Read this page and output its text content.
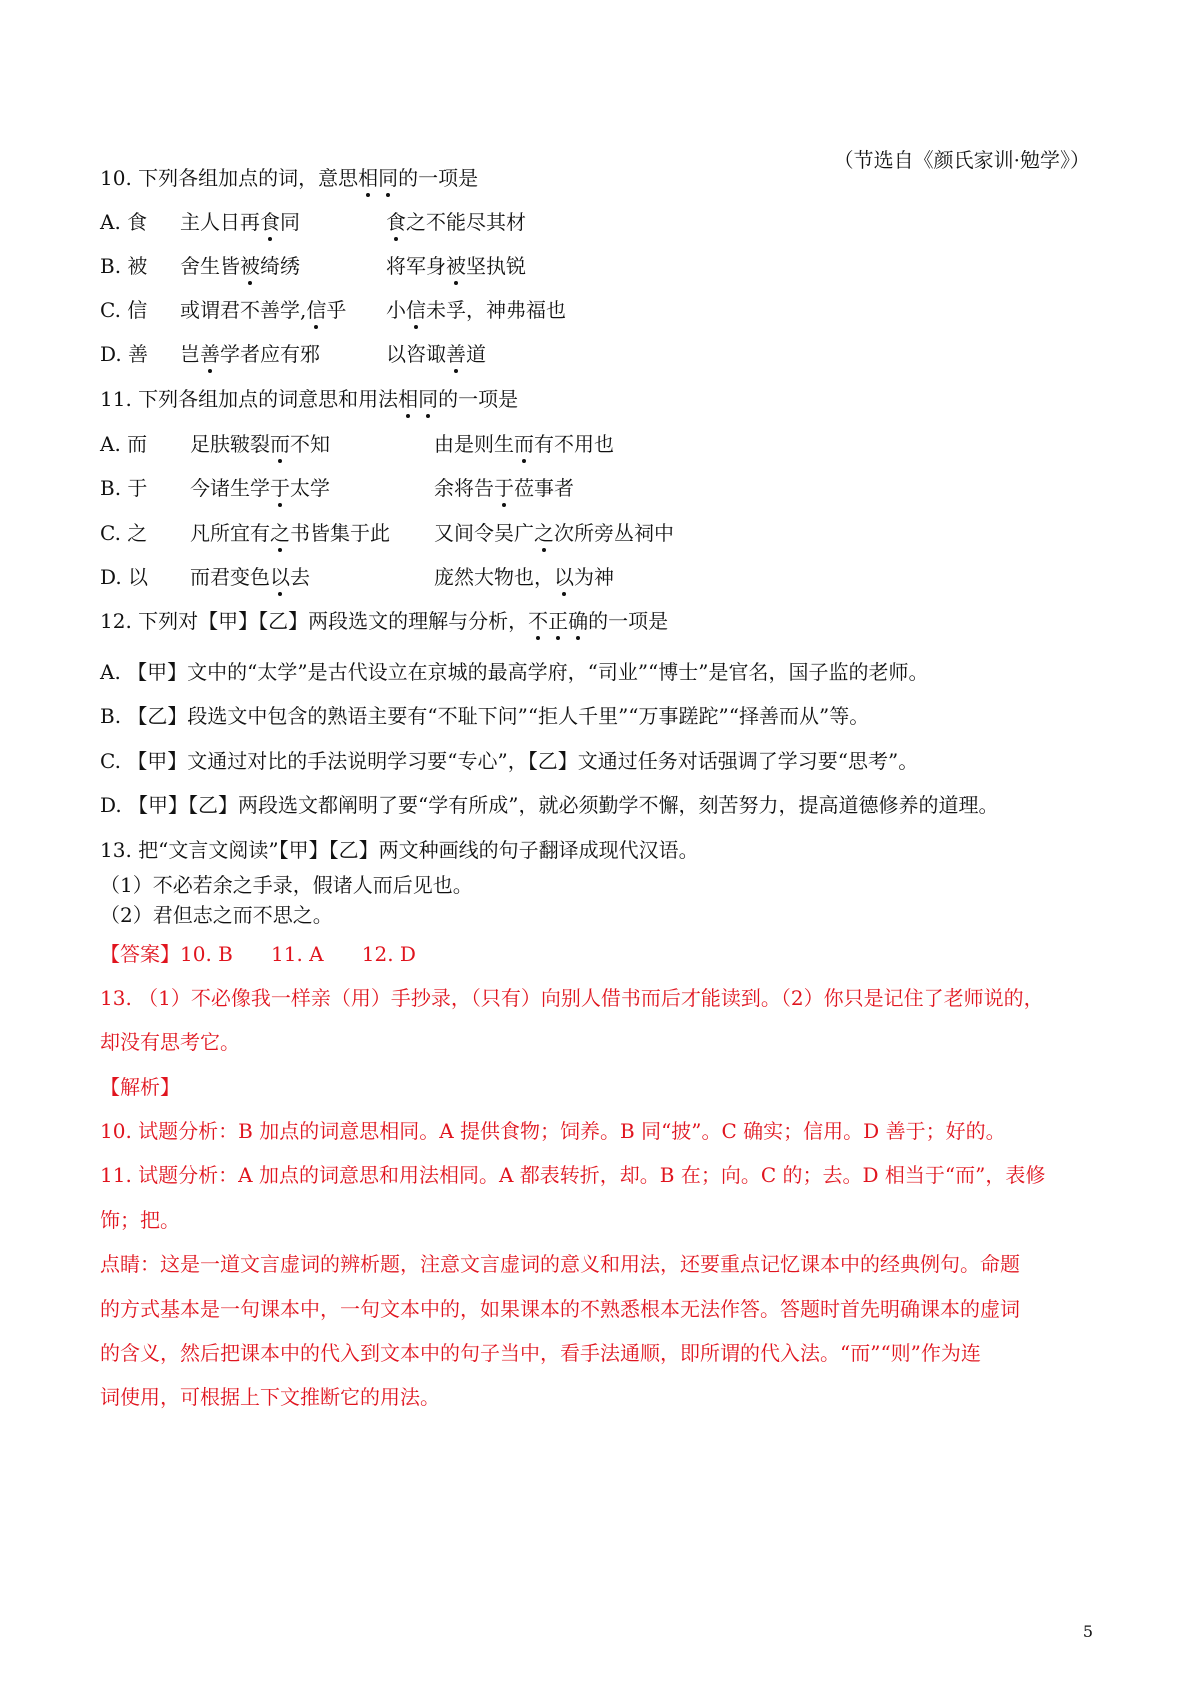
（节选自《颜氏家训·勉学》）
10. 下列各组加点的词，意思相同的一项是
A. 食 主人日再食同	食之不能尽其材
B. 被 舍生皆被绮绣	将军身被坚执锐
C. 信 或谓君不善学,信乎 小信未孚，神弗福也
D. 善 岂善学者应有邪	以咨诹善道
11. 下列各组加点的词意思和用法相同的一项是
A. 而 足肤皲裂而不知	由是则生而有不用也
B. 于 今诸生学于太学	余将告于莅事者
C. 之 凡所宜有之书皆集于此 又间令吴广之次所旁丛祠中
D. 以 而君变色以去	庞然大物也，以为神
12. 下列对【甲】【乙】两段选文的理解与分析，不正确的一项是
A. 【甲】文中的“太学”是古代设立在京城的最高学府，“司业”“博士”是官名，国子监的老师。
B. 【乙】段选文中包含的熟语主要有“不耻下问”“拒人千里”“万事蹉跎”“择善而从”等。
C. 【甲】文通过对比的手法说明学习要“专心”，【乙】文通过任务对话强调了学习要“思考”。
D. 【甲】【乙】两段选文都阐明了要“学有所成”，就必须勤学不懈，刻苦努力，提高道德修养的道理。
13. 把“文言文阅读”【甲】【乙】两文种画线的句子翻译成现代汉语。
（1）不必若余之手录，假诸人而后见也。
（2）君但志之而不思之。
【答案】10. B      11. A      12. D
13. （1）不必像我一样亲（用）手抄录，（只有）向别人借书而后才能读到。（2）你只是记住了老师说的，
却没有思考它。
【解析】
10. 试题分析：B 加点的词意思相同。A 提供食物；饲养。B 同“披”。C 确实；信用。D 善于；好的。
11. 试题分析：A 加点的词意思和用法相同。A 都表转折，却。B 在；向。C 的；去。D 相当于“而”，表修
饰；把。
点睛：这是一道文言虚词的辨析题，注意文言虚词的意义和用法，还要重点记忆课本中的经典例句。命题
的方式基本是一句课本中，一句文本中的，如果课本的不熟悉根本无法作答。答题时首先明确课本的虚词
的含义，然后把课本中的代入到文本中的句子当中，看手法通顺，即所谓的代入法。“而”“则”作为连
词使用，可根据上下文推断它的用法。
5
